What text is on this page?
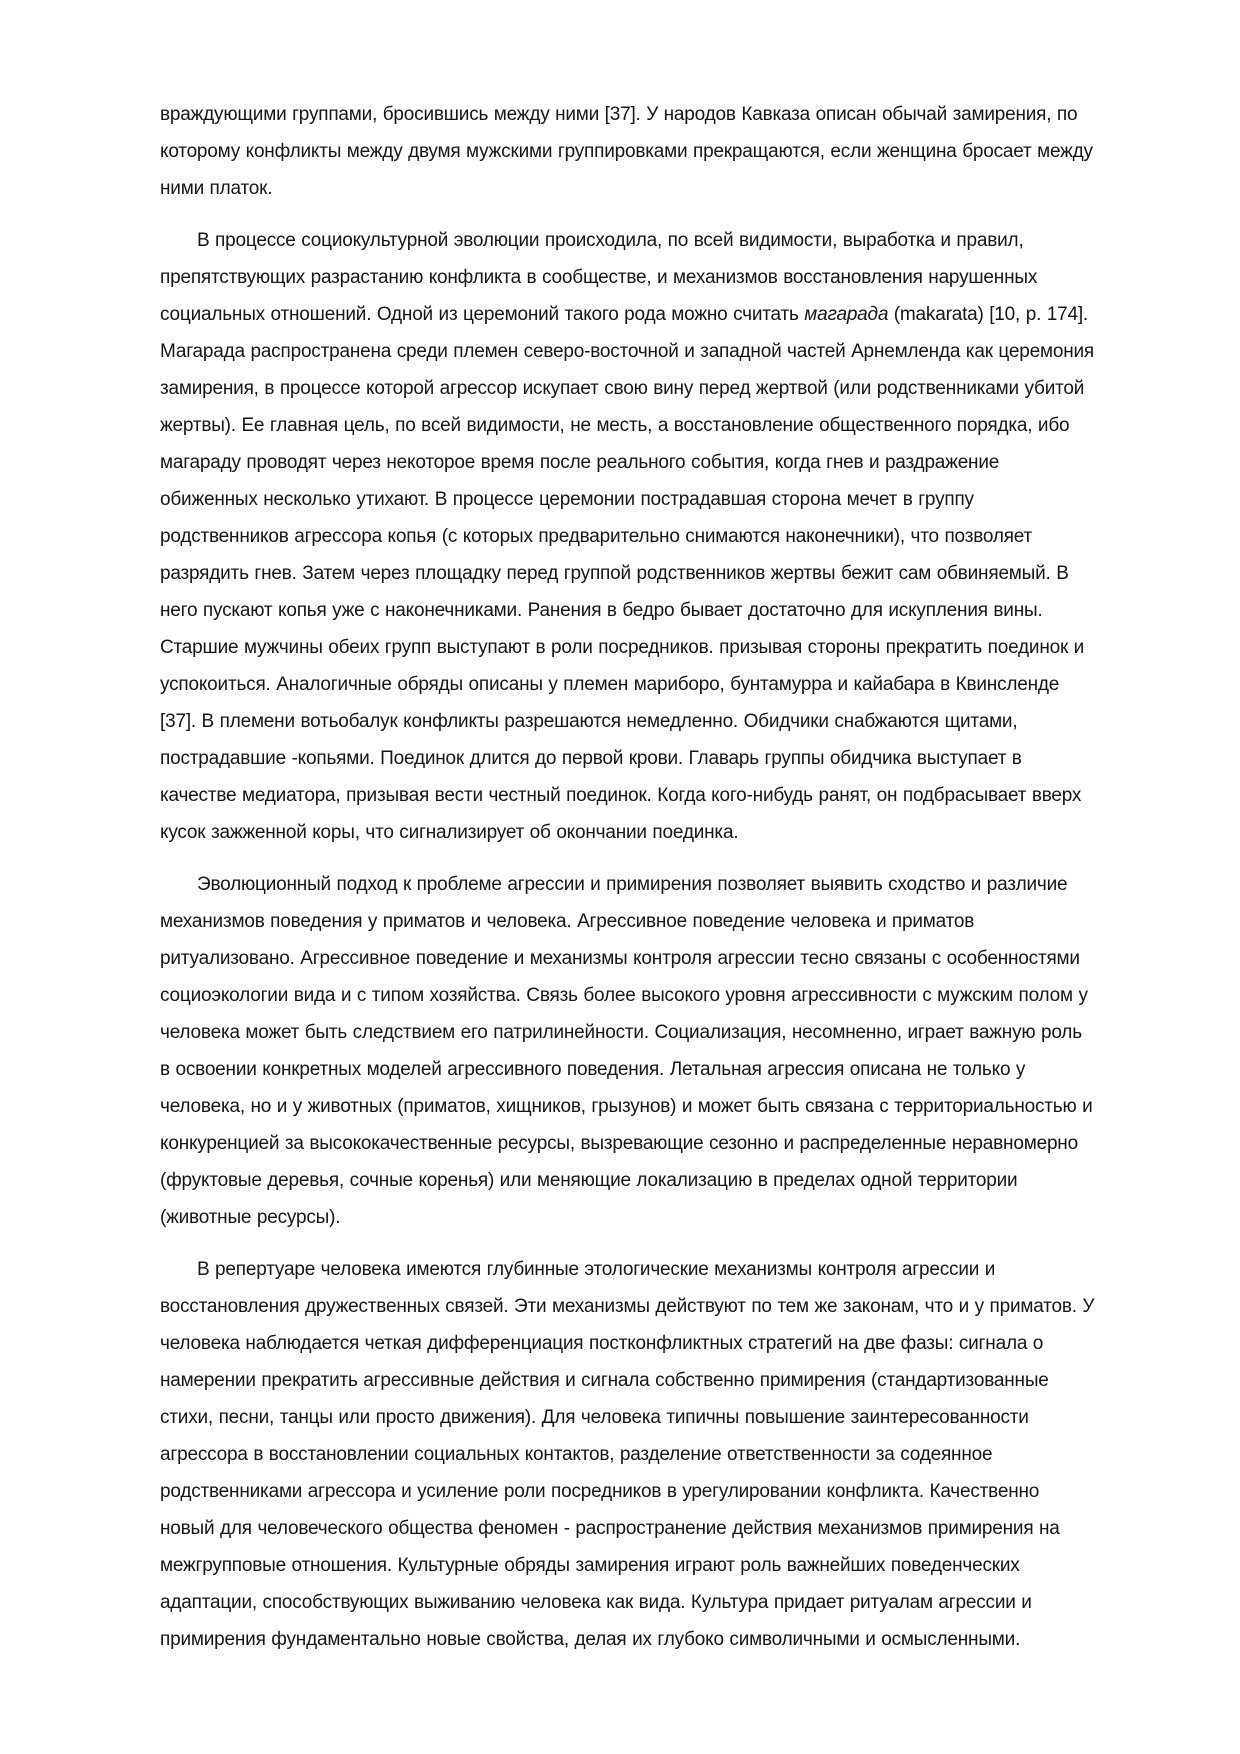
враждующими группами, бросившись между ними [37]. У народов Кавказа описан обычай замирения, по которому конфликты между двумя мужскими группировками прекращаются, если женщина бросает между ними платок.

В процессе социокультурной эволюции происходила, по всей видимости, выработка и правил, препятствующих разрастанию конфликта в сообществе, и механизмов восстановления нарушенных социальных отношений. Одной из церемоний такого рода можно считать магарада (makarata) [10, p. 174]. Магарада распространена среди племен северо-восточной и западной частей Арнемленда как церемония замирения, в процессе которой агрессор искупает свою вину перед жертвой (или родственниками убитой жертвы). Ее главная цель, по всей видимости, не месть, а восстановление общественного порядка, ибо магараду проводят через некоторое время после реального события, когда гнев и раздражение обиженных несколько утихают. В процессе церемонии пострадавшая сторона мечет в группу родственников агрессора копья (с которых предварительно снимаются наконечники), что позволяет разрядить гнев. Затем через площадку перед группой родственников жертвы бежит сам обвиняемый. В него пускают копья уже с наконечниками. Ранения в бедро бывает достаточно для искупления вины. Старшие мужчины обеих групп выступают в роли посредников. призывая стороны прекратить поединок и успокоиться. Аналогичные обряды описаны у племен мариборо, бунтамурра и кайабара в Квинсленде [37]. В племени вотьобалук конфликты разрешаются немедленно. Обидчики снабжаются щитами, пострадавшие -копьями. Поединок длится до первой крови. Главарь группы обидчика выступает в качестве медиатора, призывая вести честный поединок. Когда кого-нибудь ранят, он подбрасывает вверх кусок зажженной коры, что сигнализирует об окончании поединка.

Эволюционный подход к проблеме агрессии и примирения позволяет выявить сходство и различие механизмов поведения у приматов и человека. Агрессивное поведение человека и приматов ритуализовано. Агрессивное поведение и механизмы контроля агрессии тесно связаны с особенностями социоэкологии вида и с типом хозяйства. Связь более высокого уровня агрессивности с мужским полом у человека может быть следствием его патрилинейности. Социализация, несомненно, играет важную роль в освоении конкретных моделей агрессивного поведения. Летальная агрессия описана не только у человека, но и у животных (приматов, хищников, грызунов) и может быть связана с территориальностью и конкуренцией за высококачественные ресурсы, вызревающие сезонно и распределенные неравномерно (фруктовые деревья, сочные коренья) или меняющие локализацию в пределах одной территории (животные ресурсы).

В репертуаре человека имеются глубинные этологические механизмы контроля агрессии и восстановления дружественных связей. Эти механизмы действуют по тем же законам, что и у приматов. У человека наблюдается четкая дифференциация постконфликтных стратегий на две фазы: сигнала о намерении прекратить агрессивные действия и сигнала собственно примирения (стандартизованные стихи, песни, танцы или просто движения). Для человека типичны повышение заинтересованности агрессора в восстановлении социальных контактов, разделение ответственности за содеянное родственниками агрессора и усиление роли посредников в урегулировании конфликта. Качественно новый для человеческого общества феномен - распространение действия механизмов примирения на межгрупповые отношения. Культурные обряды замирения играют роль важнейших поведенческих адаптации, способствующих выживанию человека как вида. Культура придает ритуалам агрессии и примирения фундаментально новые свойства, делая их глубоко символичными и осмысленными.
